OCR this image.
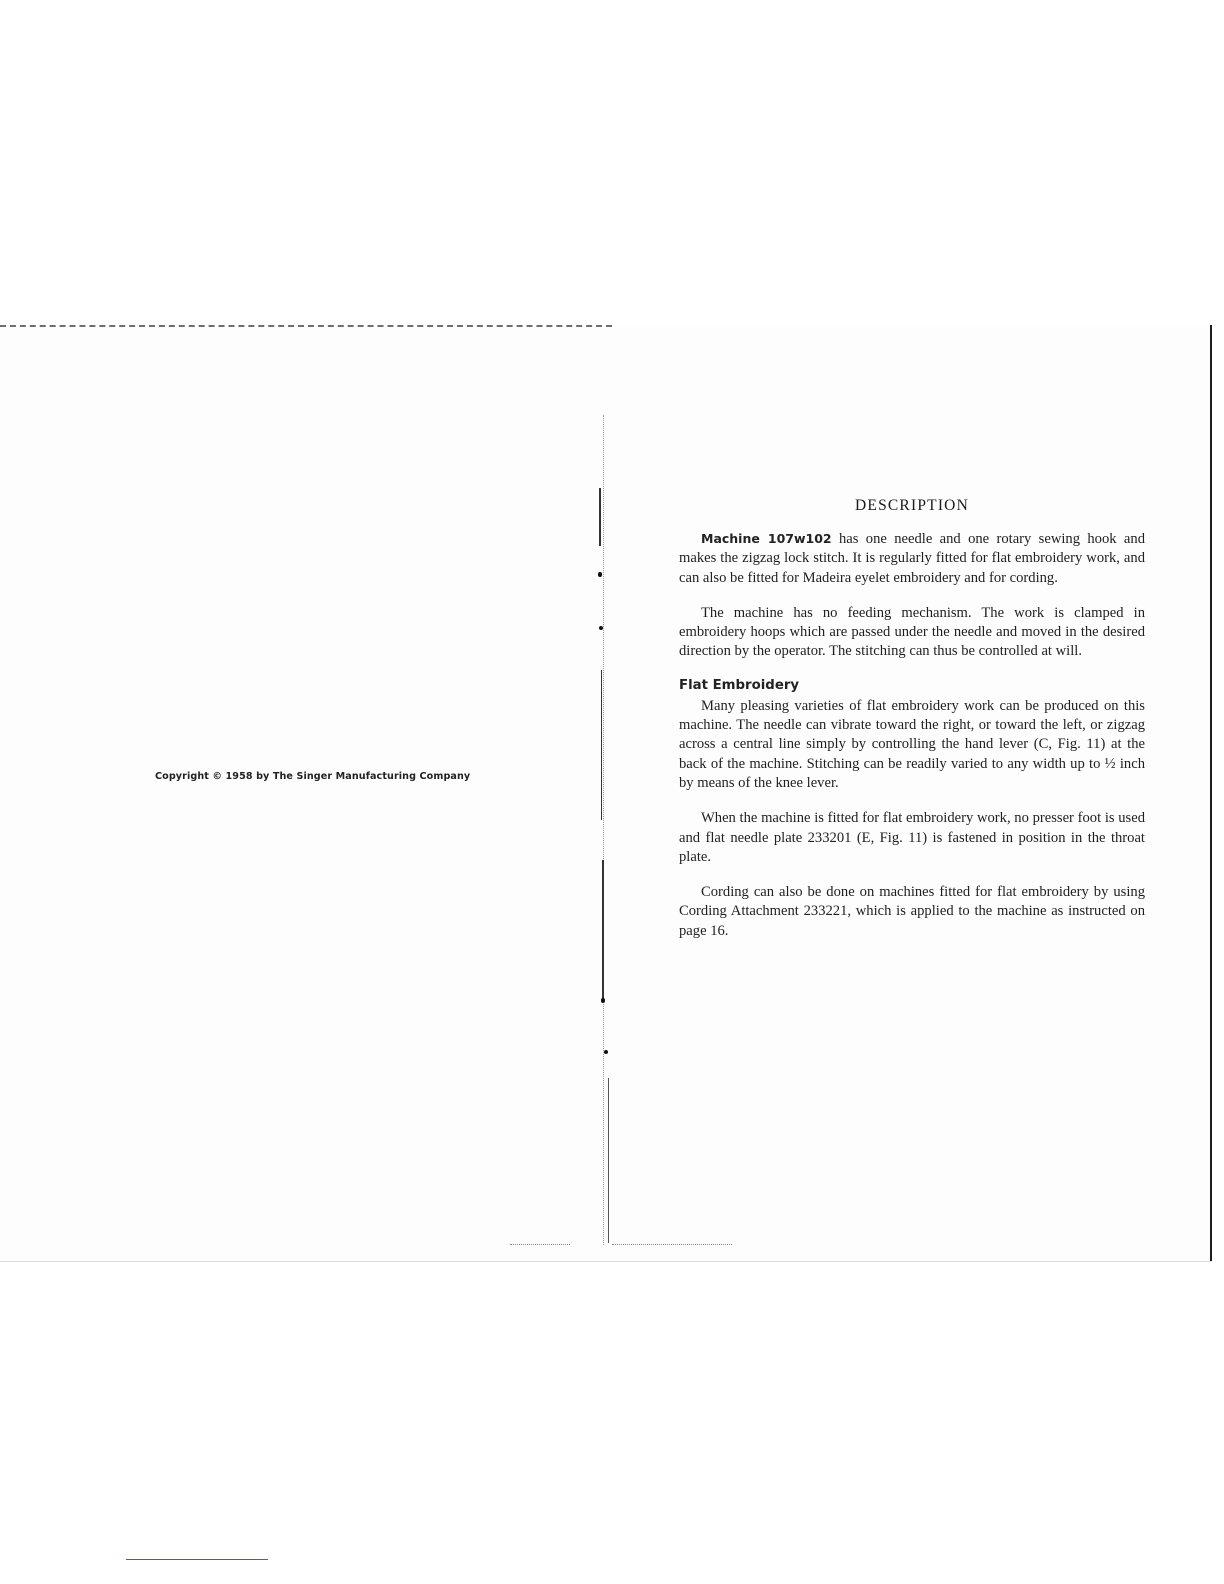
Copyright © 1958 by The Singer Manufacturing Company
DESCRIPTION

Machine 107w102 has one needle and one rotary sewing hook and makes the zigzag lock stitch. It is regularly fitted for flat embroidery work, and can also be fitted for Madeira eyelet embroidery and for cording.

The machine has no feeding mechanism. The work is clamped in embroidery hoops which are passed under the needle and moved in the desired direction by the operator. The stitching can thus be controlled at will.

Flat Embroidery

Many pleasing varieties of flat embroidery work can be produced on this machine. The needle can vibrate toward the right, or toward the left, or zigzag across a central line simply by controlling the hand lever (C, Fig. 11) at the back of the machine. Stitching can be readily varied to any width up to ½ inch by means of the knee lever.

When the machine is fitted for flat embroidery work, no presser foot is used and flat needle plate 233201 (E, Fig. 11) is fastened in position in the throat plate.

Cording can also be done on machines fitted for flat embroidery by using Cording Attachment 233221, which is applied to the machine as instructed on page 16.
